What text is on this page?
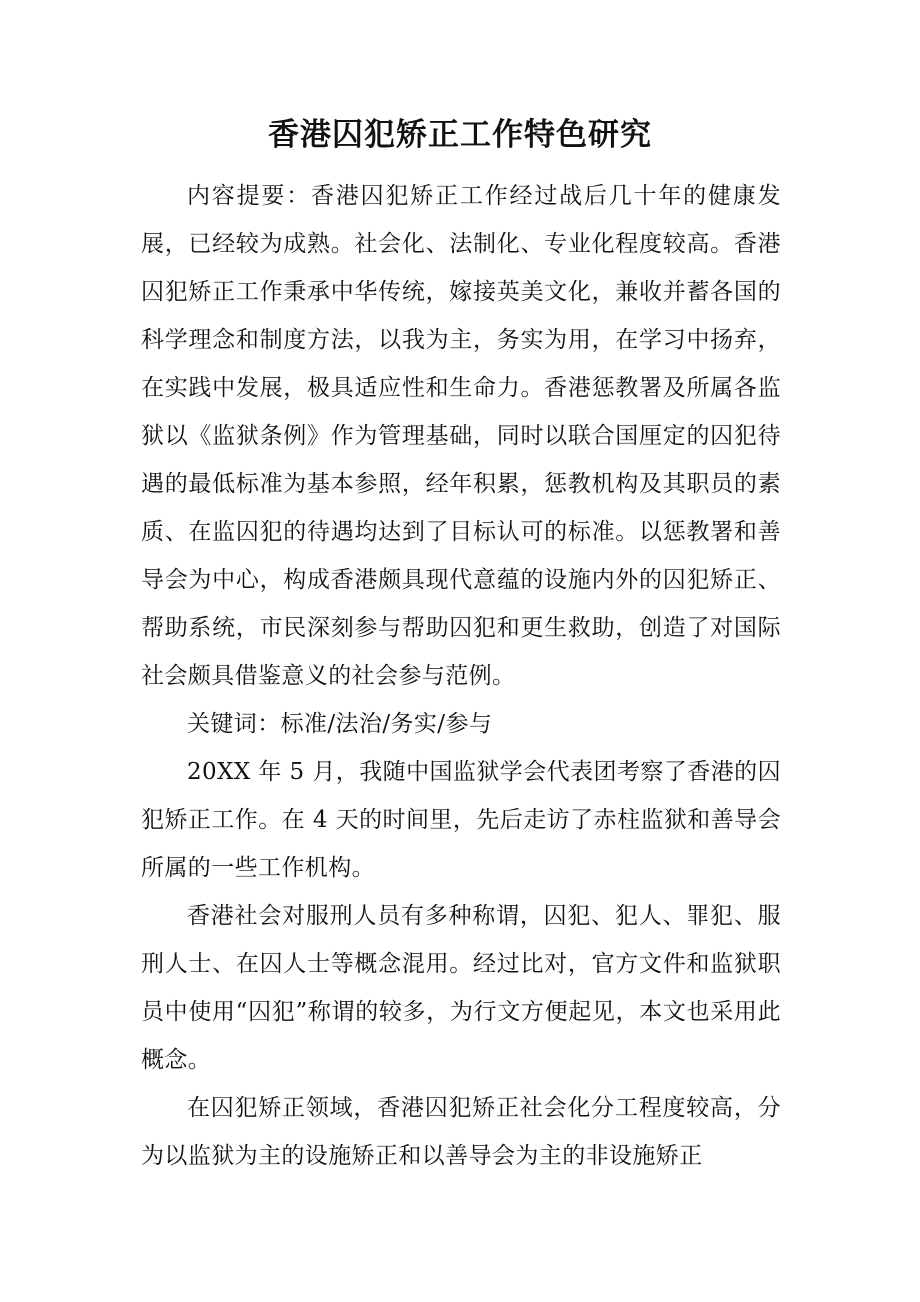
香港囚犯矫正工作特色研究

内容提要：香港囚犯矫正工作经过战后几十年的健康发展，已经较为成熟。社会化、法制化、专业化程度较高。香港囚犯矫正工作秉承中华传统，嫁接英美文化，兼收并蓄各国的科学理念和制度方法，以我为主，务实为用，在学习中扬弃，在实践中发展，极具适应性和生命力。香港惩教署及所属各监狱以《监狱条例》作为管理基础，同时以联合国厘定的囚犯待遇的最低标准为基本参照，经年积累，惩教机构及其职员的素质、在监囚犯的待遇均达到了目标认可的标准。以惩教署和善导会为中心，构成香港颇具现代意蕴的设施内外的囚犯矫正、帮助系统，市民深刻参与帮助囚犯和更生救助，创造了对国际社会颇具借鉴意义的社会参与范例。

关键词：标准/法治/务实/参与

20XX 年 5 月，我随中国监狱学会代表团考察了香港的囚犯矫正工作。在 4 天的时间里，先后走访了赤柱监狱和善导会所属的一些工作机构。

香港社会对服刑人员有多种称谓，囚犯、犯人、罪犯、服刑人士、在囚人士等概念混用。经过比对，官方文件和监狱职员中使用“囚犯”称谓的较多，为行文方便起见，本文也采用此概念。

在囚犯矫正领域，香港囚犯矫正社会化分工程度较高，分为以监狱为主的设施矫正和以善导会为主的非设施矫正
